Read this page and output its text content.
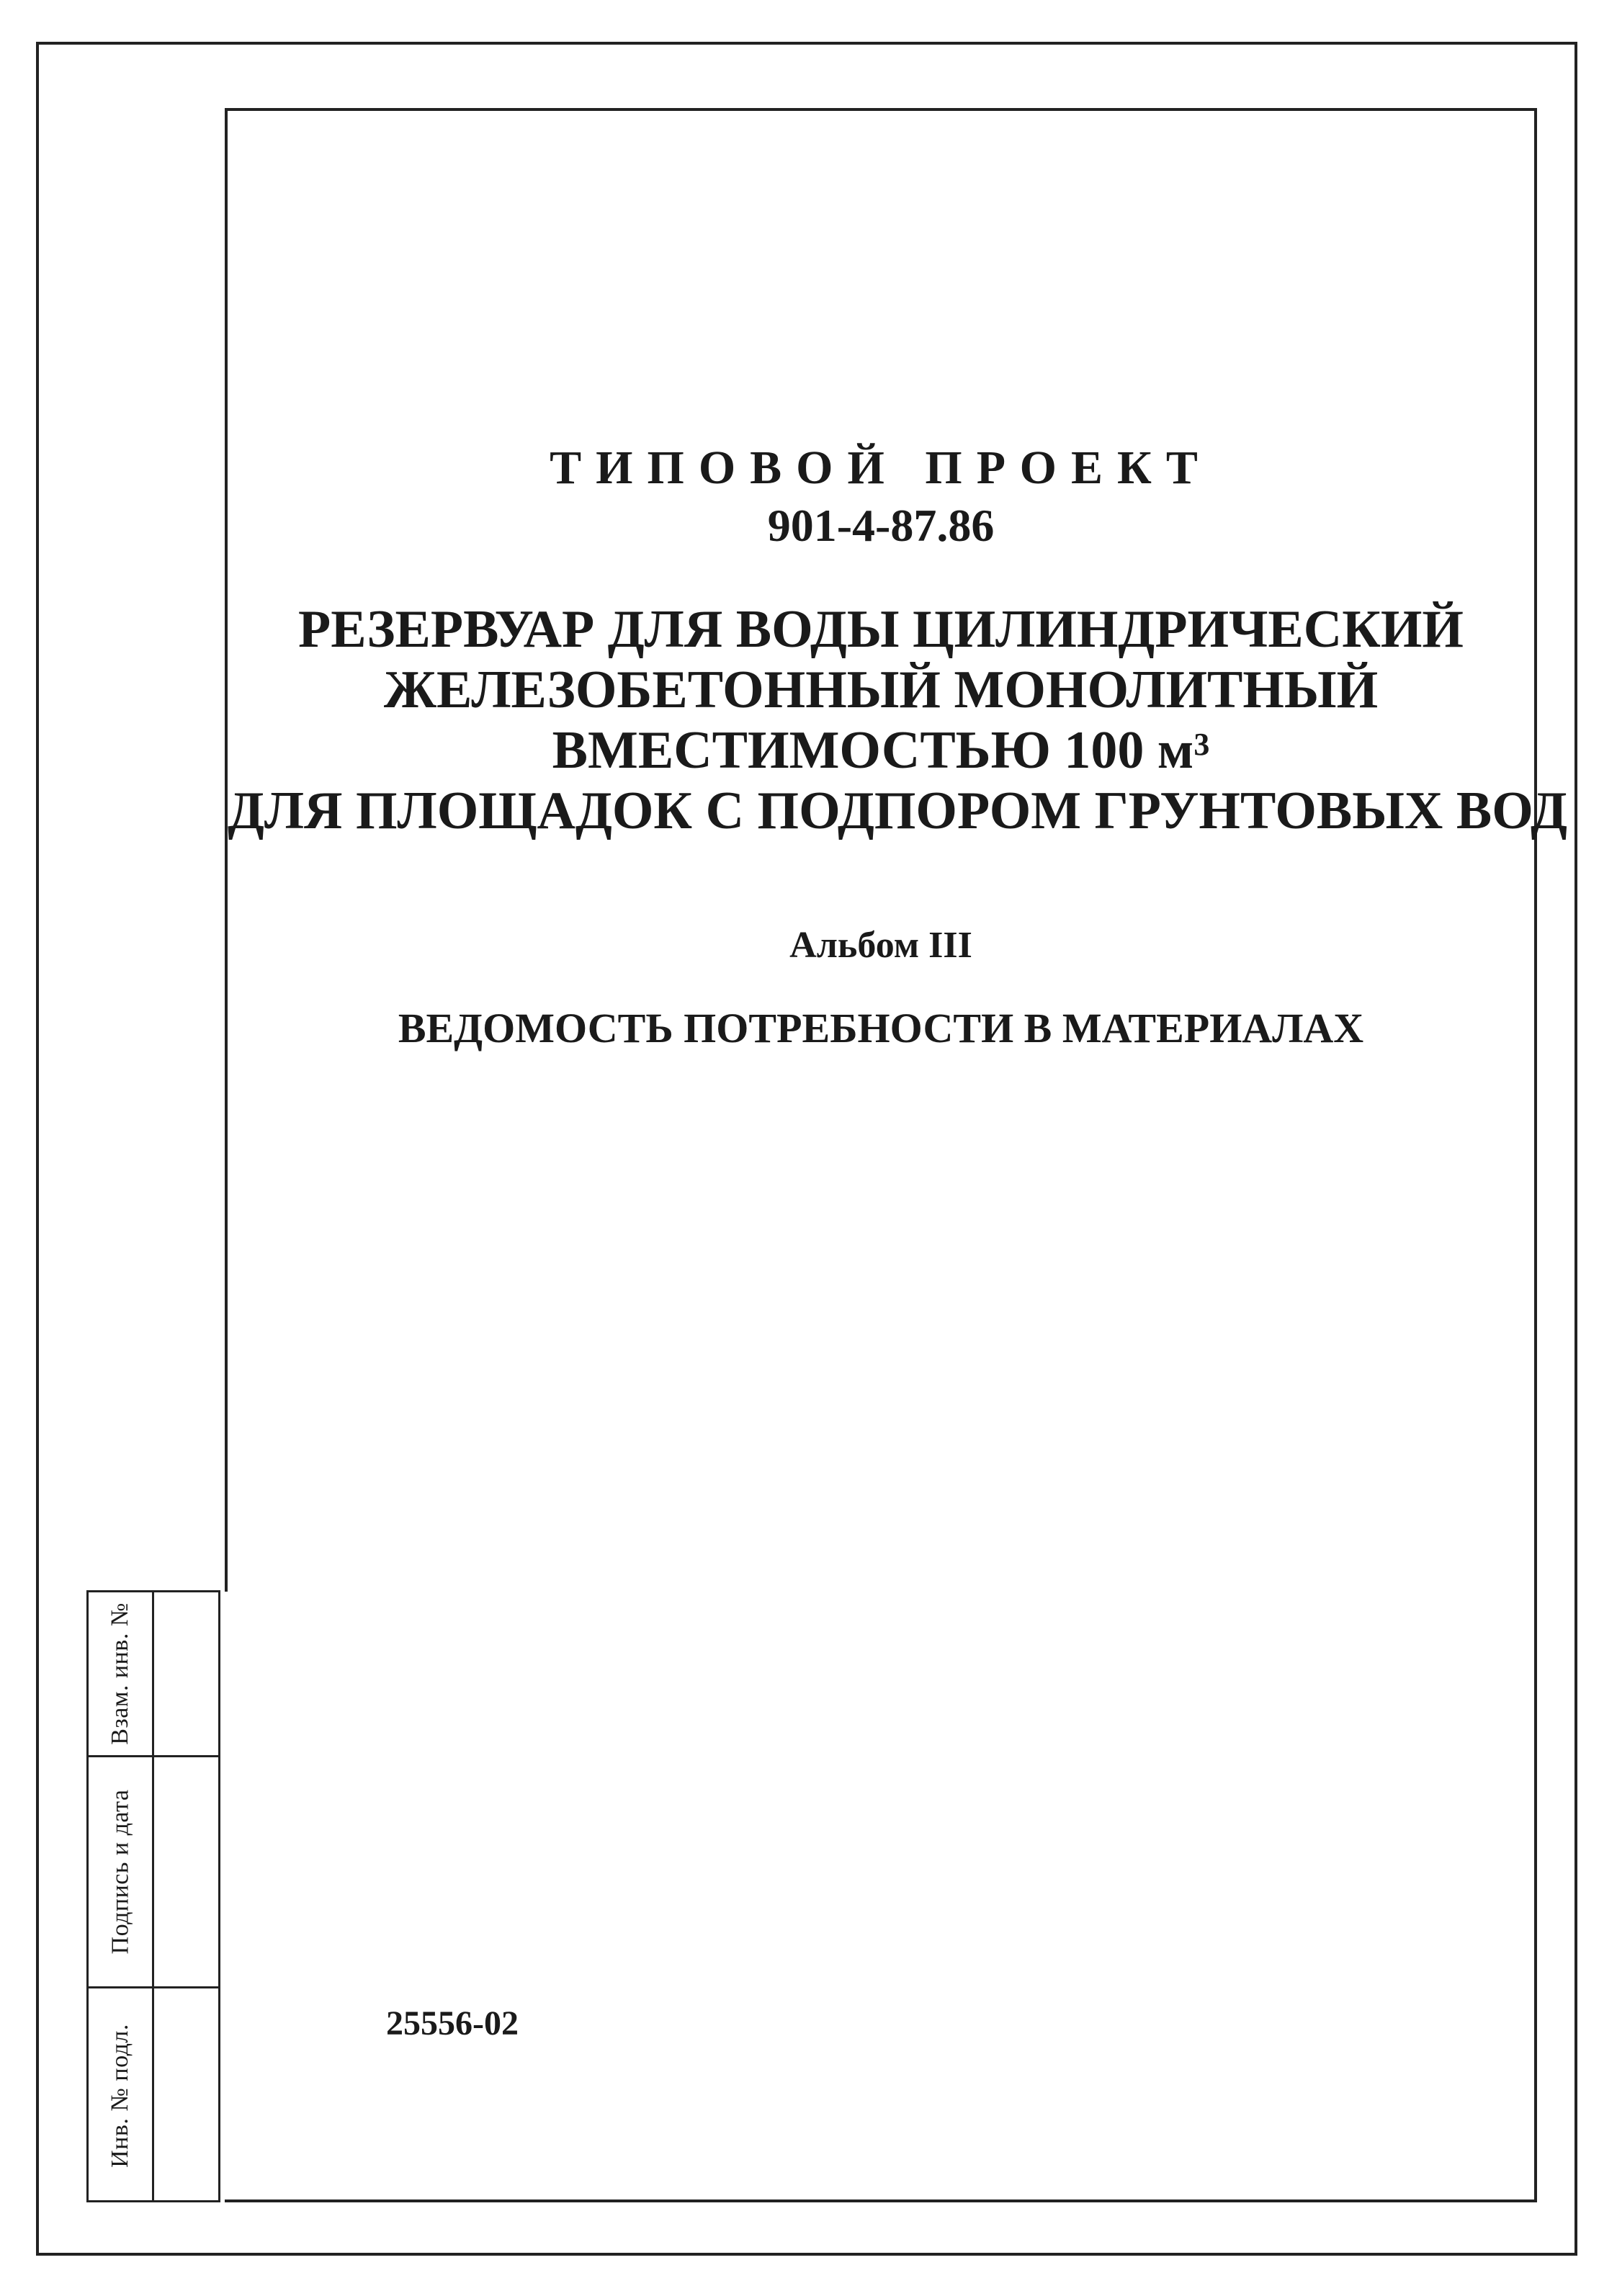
Взам. инв. №
Подпись и дата
Инв. № подл.
ТИПОВОЙ ПРОЕКТ
901-4-87.86
РЕЗЕРВУАР ДЛЯ ВОДЫ ЦИЛИНДРИЧЕСКИЙ
ЖЕЛЕЗОБЕТОННЫЙ МОНОЛИТНЫЙ
ВМЕСТИМОСТЬЮ 100 $м^3$
ДЛЯ ПЛОЩАДОК С ПОДПОРОМ ГРУНТОВЫХ ВОД
Альбом III
ВЕДОМОСТЬ ПОТРЕБНОСТИ В МАТЕРИАЛАХ
25556-02
